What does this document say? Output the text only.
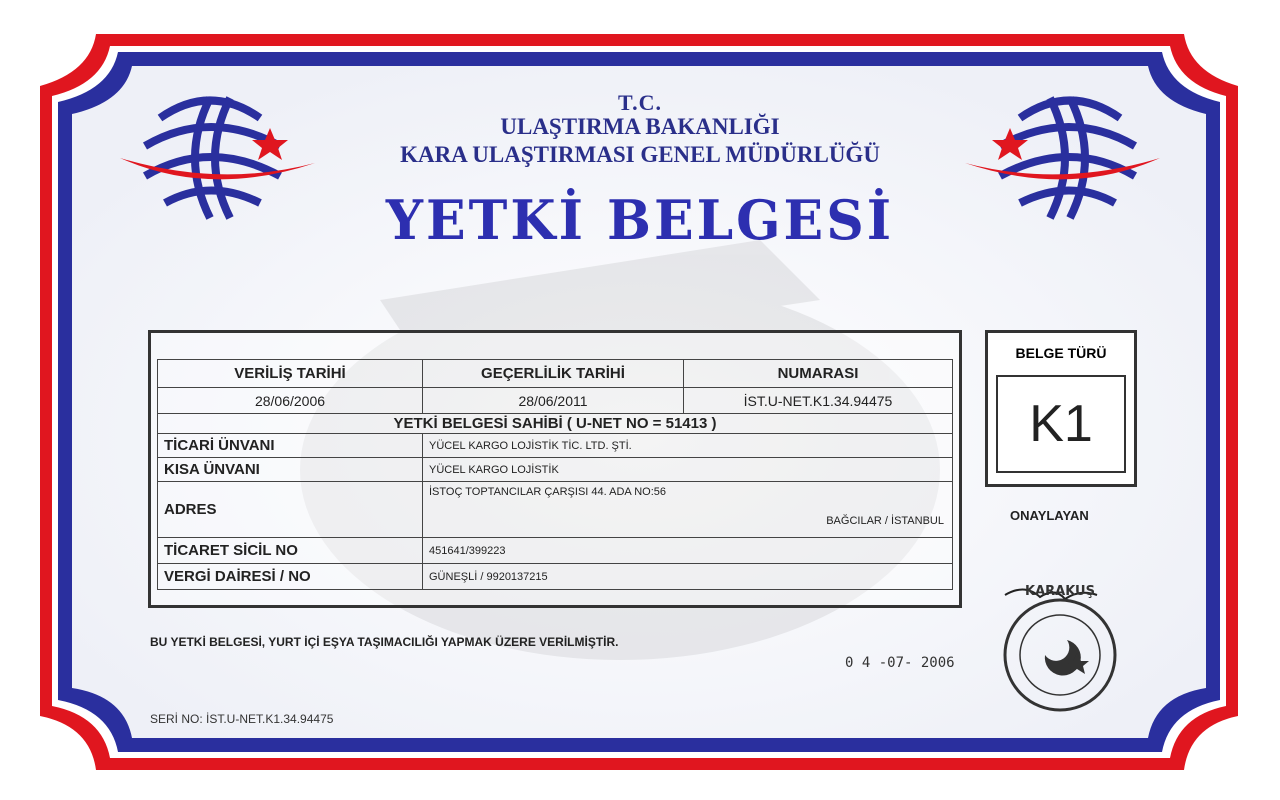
T.C.
ULAŞTIRMA BAKANLIĞI
KARA ULAŞTIRMASI GENEL MÜDÜRLÜĞÜ
YETKİ BELGESİ
VERİLİŞ TARİHİ	GEÇERLİLİK TARİHİ	NUMARASI
28/06/2006	28/06/2011	İST.U-NET.K1.34.94475
YETKİ BELGESİ SAHİBİ ( U-NET NO = 51413 )		
TİCARİ ÜNVANI	YÜCEL KARGO LOJİSTİK TİC. LTD. ŞTİ.
KISA ÜNVANI	YÜCEL KARGO LOJİSTİK
ADRES	İSTOÇ TOPTANCILAR ÇARŞISI 44. ADA NO:56
BAĞCILAR / İSTANBUL

TİCARET SİCİL NO	451641/399223
VERGİ DAİRESİ / NO	GÜNEŞLİ / 9920137215
BELGE TÜRÜ
K1
ONAYLAYAN
KARAKUŞ
BU YETKİ BELGESİ, YURT İÇİ EŞYA TAŞIMACILIĞI YAPMAK ÜZERE VERİLMİŞTİR.
0 4 -07- 2006
SERİ NO: İST.U-NET.K1.34.94475
